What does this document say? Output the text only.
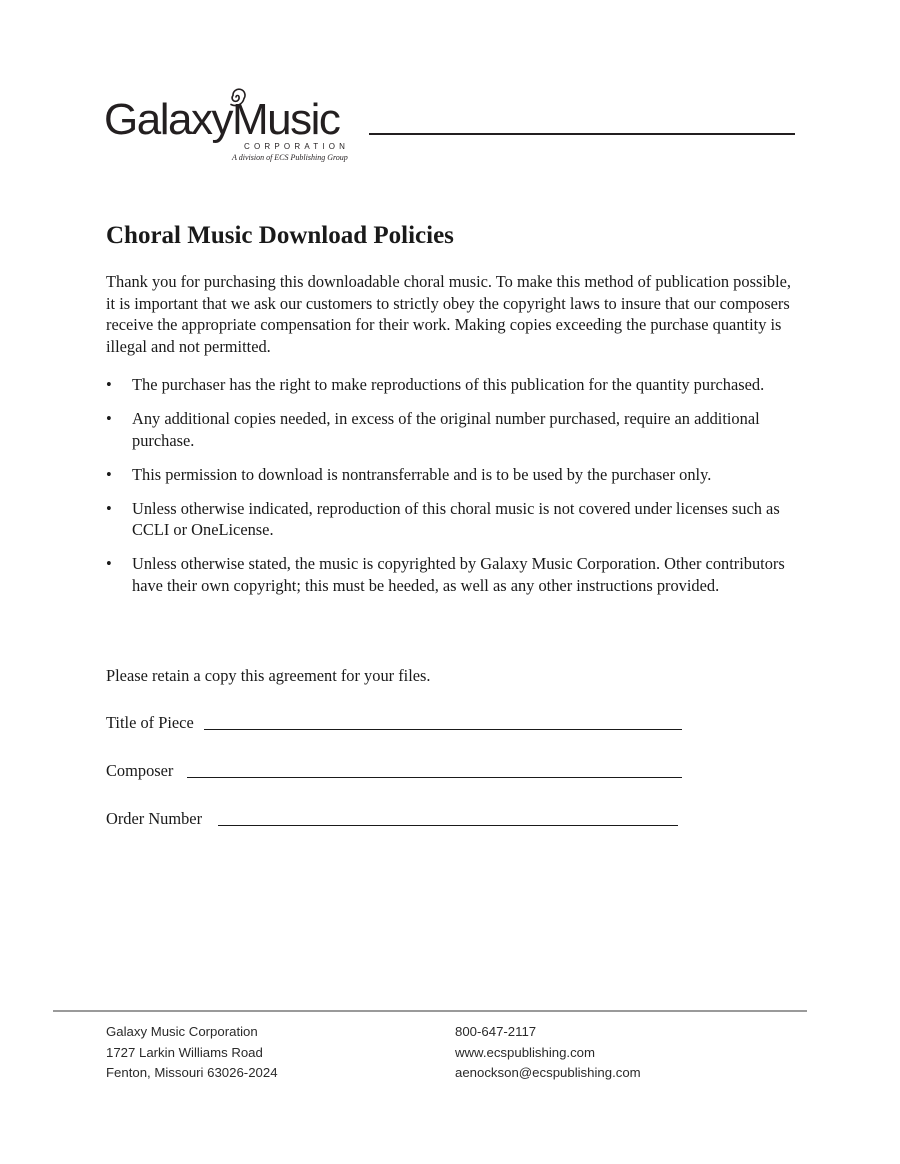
GalaxyMusic
CORPORATION
A division of ECS Publishing Group
Choral Music Download Policies

Thank you for purchasing this downloadable choral music. To make this method of publication possible, it is important that we ask our customers to strictly obey the copyright laws to insure that our composers receive the appropriate compensation for their work. Making copies exceeding the purchase quantity is illegal and not permitted.

•	The purchaser has the right to make reproductions of this publication for the quantity purchased.
•	Any additional copies needed, in excess of the original number purchased, require an additional purchase.
•	This permission to download is nontransferrable and is to be used by the purchaser only.
•	Unless otherwise indicated, reproduction of this choral music is not covered under licenses such as CCLI or OneLicense.
•	Unless otherwise stated, the music is copyrighted by Galaxy Music Corporation. Other contributors have their own copyright; this must be heeded, as well as any other instructions provided.

Please retain a copy this agreement for your files.

Title of Piece
Composer
Order Number
Galaxy Music Corporation
1727 Larkin Williams Road
Fenton, Missouri 63026-2024
800-647-2117
www.ecspublishing.com
aenockson@ecspublishing.com
